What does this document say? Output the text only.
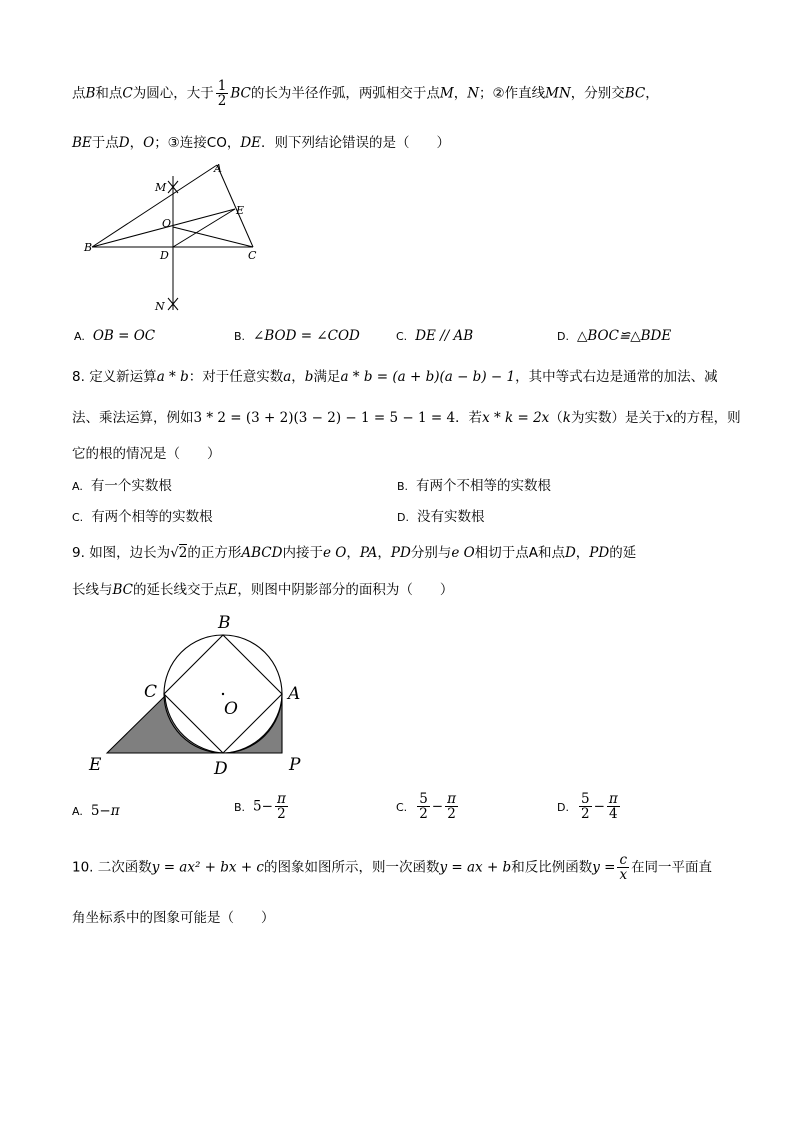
点B和点C为圆心，大于 $\frac{1}{2}$ BC的长为半径作弧，两弧相交于点M，N；②作直线MN，分别交BC，
BE于点D，O；③连接CO，DE．则下列结论错误的是（　　）
A
M
E
O
B
D	C
N
A. OB = OC	B. ∠BOD = ∠COD	C. DE // AB	D. △BOC≌△BDE
8. 定义新运算a * b：对于任意实数a，b满足a * b = (a + b)(a − b) − 1，其中等式右边是通常的加法、减
法、乘法运算，例如3 * 2 = (3 + 2)(3 − 2) − 1 = 5 − 1 = 4．若x * k = 2x（k为实数）是关于x的方程，则
它的根的情况是（　　）
A. 有一个实数根	B. 有两个不相等的实数根
C. 有两个相等的实数根	D. 没有实数根
9. 如图，边长为√2的正方形ABCD内接于e O，PA，PD分别与e O相切于点A和点D，PD的延
长线与BC的延长线交于点E，则图中阴影部分的面积为（　　）
B
C	A
O
E	D	P
A. 5−π	B. $5- \frac{\pi}{2}$	C. $\frac{5}{2} - \frac{\pi}{2}$	D. $\frac{5}{2} - \frac{\pi}{4}$
10. 二次函数y = ax² + bx + c的图象如图所示，则一次函数y = ax + b和反比例函数$y = \frac{c}{x}$ 在同一平面直
角坐标系中的图象可能是（　　）
